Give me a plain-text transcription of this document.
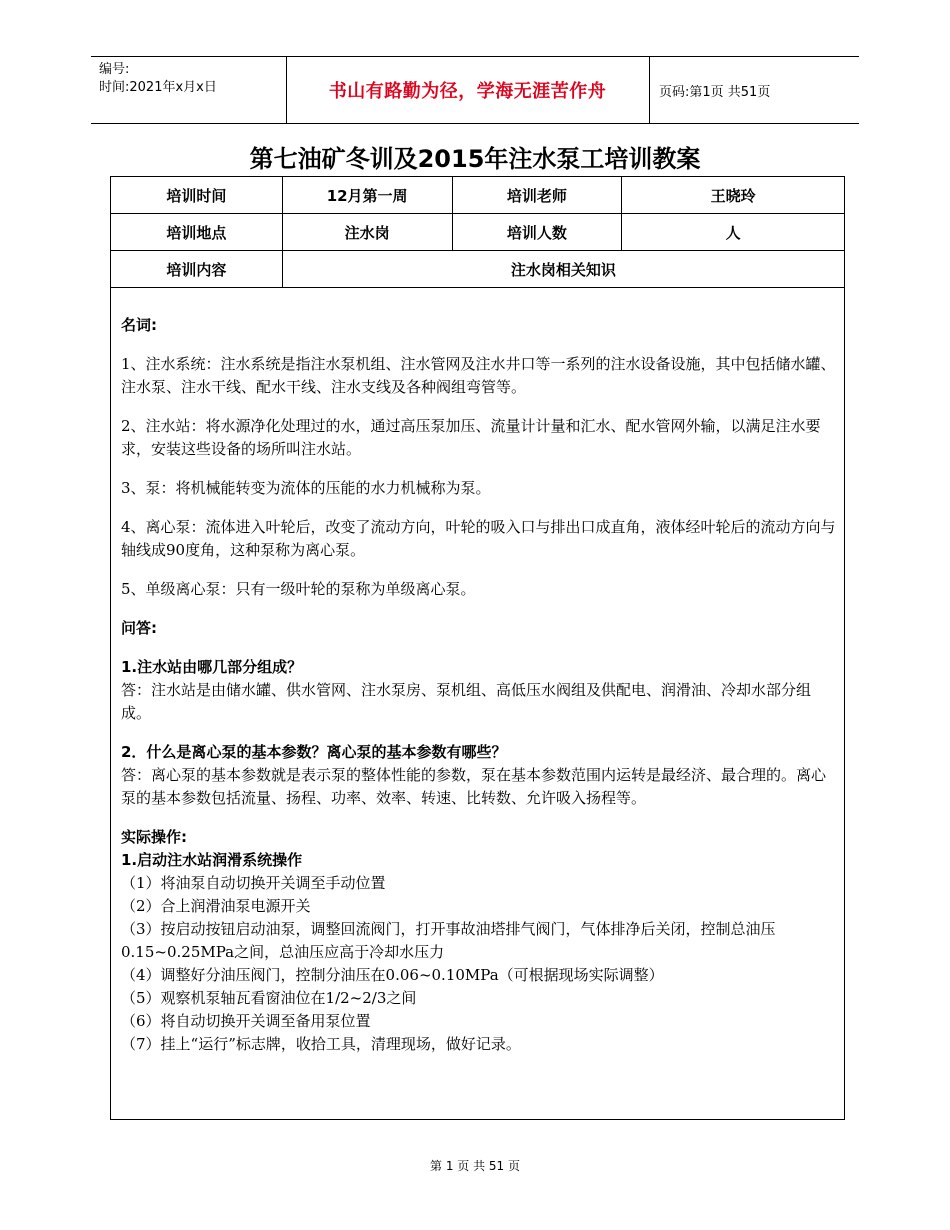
编号:
时间:2021年x月x日	书山有路勤为径，学海无涯苦作舟	页码:第1页 共51页
第七油矿冬训及2015年注水泵工培训教案
培训时间	12月第一周	培训老师	王晓玲
培训地点	注水岗	培训人数	人
培训内容	注水岗相关知识		

名词:

1、注水系统：注水系统是指注水泵机组、注水管网及注水井口等一系列的注水设备设施，其中包括储水罐、注水泵、注水干线、配水干线、注水支线及各种阀组弯管等。

2、注水站：将水源净化处理过的水，通过高压泵加压、流量计计量和汇水、配水管网外输，以满足注水要求，安装这些设备的场所叫注水站。

3、泵：将机械能转变为流体的压能的水力机械称为泵。

4、离心泵：流体进入叶轮后，改变了流动方向，叶轮的吸入口与排出口成直角，液体经叶轮后的流动方向与轴线成90度角，这种泵称为离心泵。

5、单级离心泵：只有一级叶轮的泵称为单级离心泵。

问答:

1.注水站由哪几部分组成？

答：注水站是由储水罐、供水管网、注水泵房、泵机组、高低压水阀组及供配电、润滑油、冷却水部分组成。

2．什么是离心泵的基本参数？离心泵的基本参数有哪些？

答：离心泵的基本参数就是表示泵的整体性能的参数，泵在基本参数范围内运转是最经济、最合理的。离心泵的基本参数包括流量、扬程、功率、效率、转速、比转数、允许吸入扬程等。

实际操作:

1.启动注水站润滑系统操作

（1）将油泵自动切换开关调至手动位置

（2）合上润滑油泵电源开关

（3）按启动按钮启动油泵，调整回流阀门，打开事故油塔排气阀门，气体排净后关闭，控制总油压0.15~0.25MPa之间，总油压应高于冷却水压力

（4）调整好分油压阀门，控制分油压在0.06~0.10MPa（可根据现场实际调整）

（5）观察机泵轴瓦看窗油位在1/2~2/3之间

（6）将自动切换开关调至备用泵位置

（7）挂上“运行”标志牌，收拾工具，清理现场，做好记录。

第 1 页 共 51 页
